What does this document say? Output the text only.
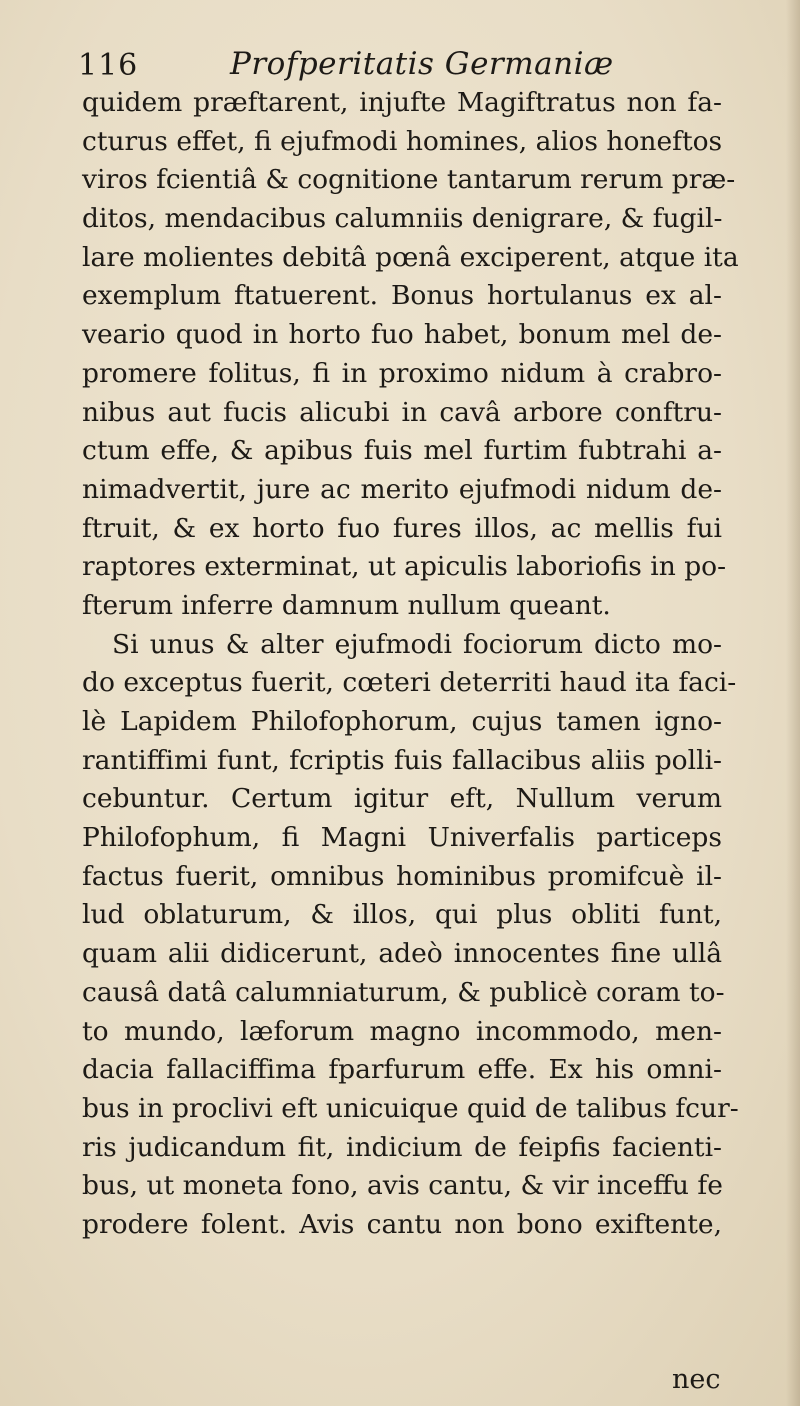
116	Profperitatis Germaniæ
quidem præftarent, injufte Magiftratus non fa-
cturus effet, fi ejufmodi homines, alios honeftos
viros fcientiâ & cognitione tantarum rerum præ-
ditos, mendacibus calumniis denigrare, & fugil-
lare molientes debitâ pœnâ exciperent, atque ita
exemplum ftatuerent. Bonus hortulanus ex al-
veario quod in horto fuo habet, bonum mel de-
promere folitus, fi in proximo nidum à crabro-
nibus aut fucis alicubi in cavâ arbore conftru-
ctum effe, & apibus fuis mel furtim fubtrahi a-
nimadvertit, jure ac merito ejufmodi nidum de-
ftruit, & ex horto fuo fures illos, ac mellis fui
raptores exterminat, ut apiculis laboriofis in po-
fterum inferre damnum nullum queant.
Si unus & alter ejufmodi fociorum dicto mo-
do exceptus fuerit, cœteri deterriti haud ita faci-
lè Lapidem Philofophorum, cujus tamen igno-
rantiffimi funt, fcriptis fuis fallacibus aliis polli-
cebuntur. Certum igitur eft, Nullum verum
Philofophum, fi Magni Univerfalis particeps
factus fuerit, omnibus hominibus promifcuè il-
lud oblaturum, & illos, qui plus obliti funt,
quam alii didicerunt, adeò innocentes fine ullâ
causâ datâ calumniaturum, & publicè coram to-
to mundo, læforum magno incommodo, men-
dacia fallaciffima fparfurum effe. Ex his omni-
bus in proclivi eft unicuique quid de talibus fcur-
ris judicandum fit, indicium de feipfis facienti-
bus, ut moneta fono, avis cantu, & vir inceffu fe
prodere folent. Avis cantu non bono exiftente,
nec
